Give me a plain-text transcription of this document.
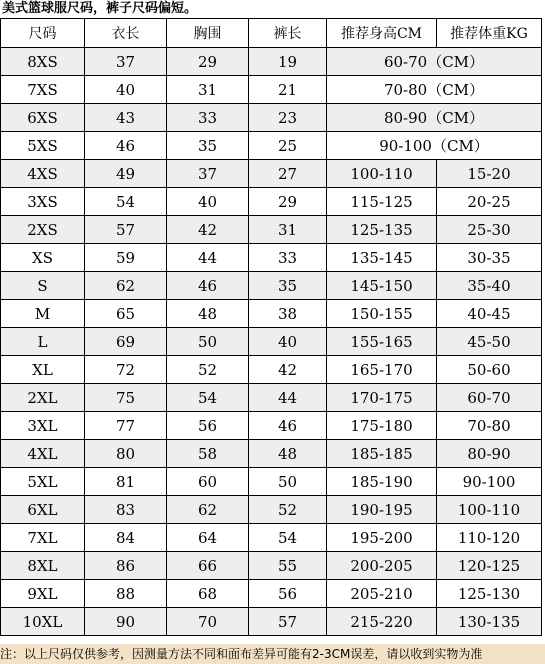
美式篮球服尺码，裤子尺码偏短。
尺码	衣长	胸围	裤长	推荐身高CM	推荐体重KG
8XS	37	29	19	60-70（CM）	
7XS	40	31	21	70-80（CM）	
6XS	43	33	23	80-90（CM）	
5XS	46	35	25	90-100（CM）	
4XS	49	37	27	100-110	15-20
3XS	54	40	29	115-125	20-25
2XS	57	42	31	125-135	25-30
XS	59	44	33	135-145	30-35
S	62	46	35	145-150	35-40
M	65	48	38	150-155	40-45
L	69	50	40	155-165	45-50
XL	72	52	42	165-170	50-60
2XL	75	54	44	170-175	60-70
3XL	77	56	46	175-180	70-80
4XL	80	58	48	185-185	80-90
5XL	81	60	50	185-190	90-100
6XL	83	62	52	190-195	100-110
7XL	84	64	54	195-200	110-120
8XL	86	66	55	200-205	120-125
9XL	88	68	56	205-210	125-130
10XL	90	70	57	215-220	130-135
注：以上尺码仅供参考，因测量方法不同和面布差异可能有2-3CM误差，请以收到实物为准
